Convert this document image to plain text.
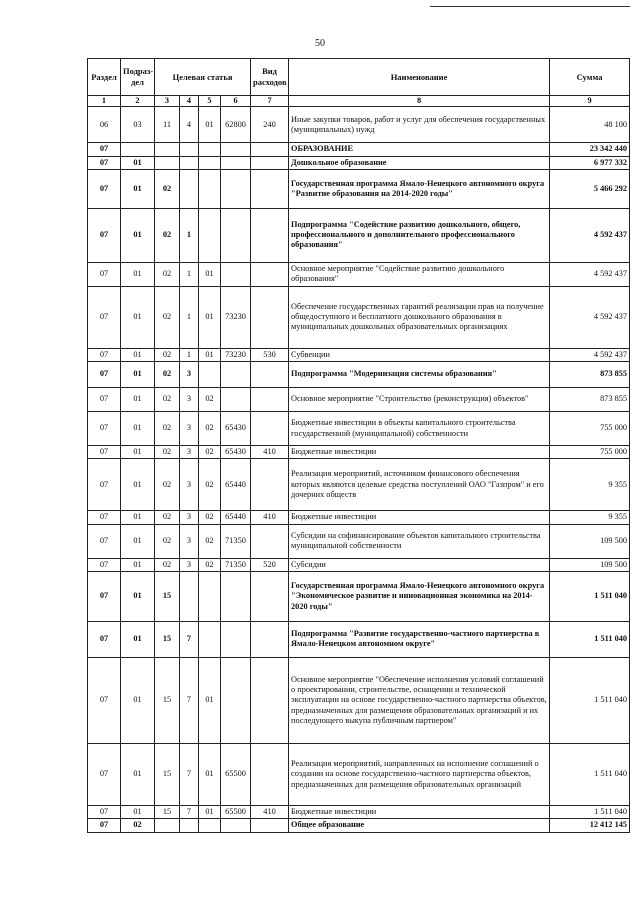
50
Раздел	Подраз-
дел	Целевая статья				Вид
расходов	Наименование	Сумма
1	2	3	4	5	6	7	8	9
06	03	11	4	01	62800	240	Иные закупки товаров, работ и услуг для обеспечения государственных (муниципальных) нужд	48 100
07							ОБРАЗОВАНИЕ	23 342 440
07	01						Дошкольное образование	6 977 332
07	01	02					Государственная программа Ямало-Ненецкого автономного округа "Развитие образования на 2014-2020 годы"	5 466 292
07	01	02	1				Подпрограмма "Содействие развитию дошкольного, общего, профессионального и дополнительного профессионального образования"	4 592 437
07	01	02	1	01			Основное мероприятие "Содействие развитию дошкольного образования"	4 592 437
07	01	02	1	01	73230		Обеспечение государственных гарантий реализации прав на получение общедоступного и бесплатного дошкольного образования в муниципальных дошкольных образовательных организациях	4 592 437
07	01	02	1	01	73230	530	Субвенции	4 592 437
07	01	02	3				Подпрограмма "Модернизация системы образования"	873 855
07	01	02	3	02			Основное мероприятие "Строительство (реконструкция) объектов"	873 855
07	01	02	3	02	65430		Бюджетные инвестиции в объекты капитального строительства государственной (муниципальной) собственности	755 000
07	01	02	3	02	65430	410	Бюджетные инвестиции	755 000
07	01	02	3	02	65440		Реализация мероприятий, источником финансового обеспечения которых являются целевые средства поступлений ОАО "Газпром" и его дочерних обществ	9 355
07	01	02	3	02	65440	410	Бюджетные инвестиции	9 355
07	01	02	3	02	71350		Субсидии на софинансирование объектов капитального строительства муниципальной собственности	109 500
07	01	02	3	02	71350	520	Субсидии	109 500
07	01	15					Государственная программа Ямало-Ненецкого автономного округа "Экономическое развитие и инновационная экономика на 2014-2020 годы"	1 511 040
07	01	15	7				Подпрограмма "Развитие государственно-частного партнерства в Ямало-Ненецком автономном округе"	1 511 040
07	01	15	7	01			Основное мероприятие "Обеспечение исполнения условий соглашений о проектировании, строительстве, оснащении и технической эксплуатации на основе государственно-частного партнерства объектов, предназначенных для размещения образовательных организаций и их последующего выкупа публичным партнером"	1 511 040
07	01	15	7	01	65500		Реализация мероприятий, направленных на исполнение соглашений о создании на основе государственно-частного партнерства объектов, предназначенных для размещения образовательных организаций	1 511 040
07	01	15	7	01	65500	410	Бюджетные инвестиции	1 511 040
07	02						Общее образование	12 412 145
